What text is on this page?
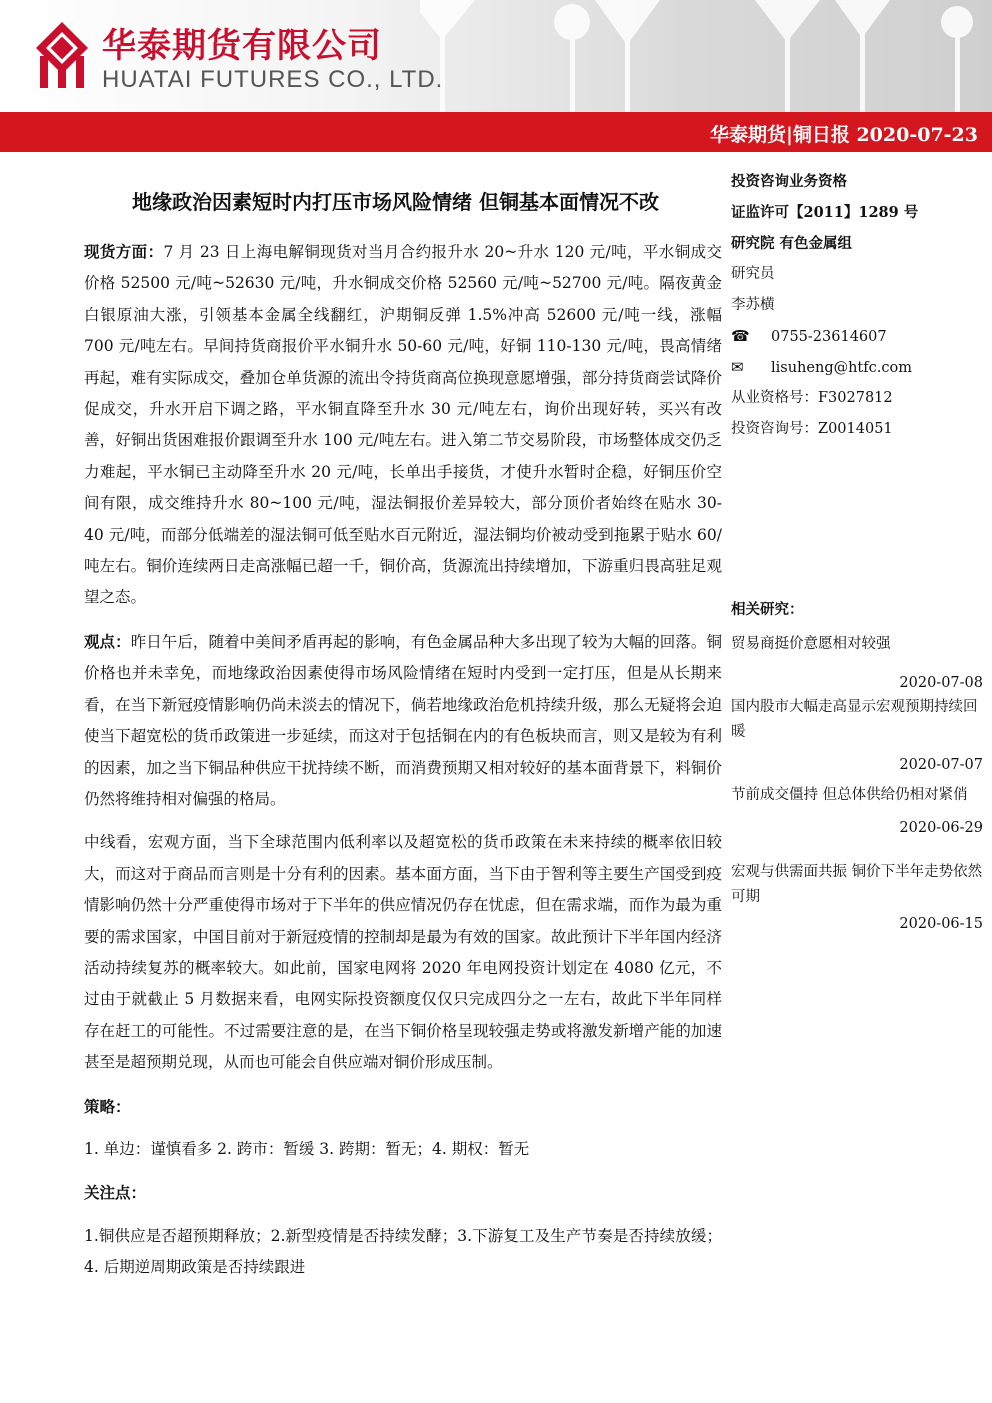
华泰期货有限公司
HUATAI FUTURES CO., LTD.
华泰期货|铜日报 2020-07-23
地缘政治因素短时内打压市场风险情绪 但铜基本面情况不改

现货方面：7 月 23 日上海电解铜现货对当月合约报升水 20~升水 120 元/吨，平水铜成交价格 52500 元/吨~52630 元/吨，升水铜成交价格 52560 元/吨~52700 元/吨。隔夜黄金白银原油大涨，引领基本金属全线翻红，沪期铜反弹 1.5%冲高 52600 元/吨一线，涨幅 700 元/吨左右。早间持货商报价平水铜升水 50-60 元/吨，好铜 110-130 元/吨，畏高情绪再起，难有实际成交，叠加仓单货源的流出令持货商高位换现意愿增强，部分持货商尝试降价促成交，升水开启下调之路，平水铜直降至升水 30 元/吨左右，询价出现好转，买兴有改善，好铜出货困难报价跟调至升水 100 元/吨左右。进入第二节交易阶段，市场整体成交仍乏力难起，平水铜已主动降至升水 20 元/吨，长单出手接货，才使升水暂时企稳，好铜压价空间有限，成交维持升水 80~100 元/吨，湿法铜报价差异较大，部分顶价者始终在贴水 30-40 元/吨，而部分低端差的湿法铜可低至贴水百元附近，湿法铜均价被动受到拖累于贴水 60/吨左右。铜价连续两日走高涨幅已超一千，铜价高，货源流出持续增加，下游重归畏高驻足观望之态。

观点：昨日午后，随着中美间矛盾再起的影响，有色金属品种大多出现了较为大幅的回落。铜价格也并未幸免，而地缘政治因素使得市场风险情绪在短时内受到一定打压，但是从长期来看，在当下新冠疫情影响仍尚未淡去的情况下，倘若地缘政治危机持续升级，那么无疑将会迫使当下超宽松的货币政策进一步延续，而这对于包括铜在内的有色板块而言，则又是较为有利的因素，加之当下铜品种供应干扰持续不断，而消费预期又相对较好的基本面背景下，料铜价仍然将维持相对偏强的格局。

中线看，宏观方面，当下全球范围内低利率以及超宽松的货币政策在未来持续的概率依旧较大，而这对于商品而言则是十分有利的因素。基本面方面，当下由于智利等主要生产国受到疫情影响仍然十分严重使得市场对于下半年的供应情况仍存在忧虑，但在需求端，而作为最为重要的需求国家，中国目前对于新冠疫情的控制却是最为有效的国家。故此预计下半年国内经济活动持续复苏的概率较大。如此前，国家电网将 2020 年电网投资计划定在 4080 亿元，不过由于就截止 5 月数据来看，电网实际投资额度仅仅只完成四分之一左右，故此下半年同样存在赶工的可能性。不过需要注意的是，在当下铜价格呈现较强走势或将激发新增产能的加速甚至是超预期兑现，从而也可能会自供应端对铜价形成压制。

策略：

1. 单边：谨慎看多 2. 跨市：暂缓 3. 跨期：暂无；4. 期权：暂无

关注点：

1.铜供应是否超预期释放；2.新型疫情是否持续发酵；3.下游复工及生产节奏是否持续放缓；4. 后期逆周期政策是否持续跟进

投资咨询业务资格
证监许可【2011】1289 号
研究院 有色金属组
研究员
李苏横
☎ 0755-23614607
✉ lisuheng@htfc.com
从业资格号：F3027812
投资咨询号：Z0014051
相关研究：
贸易商挺价意愿相对较强
2020-07-08
国内股市大幅走高显示宏观预期持续回暖
2020-07-07
节前成交僵持 但总体供给仍相对紧俏
2020-06-29
宏观与供需面共振 铜价下半年走势依然可期
2020-06-15
